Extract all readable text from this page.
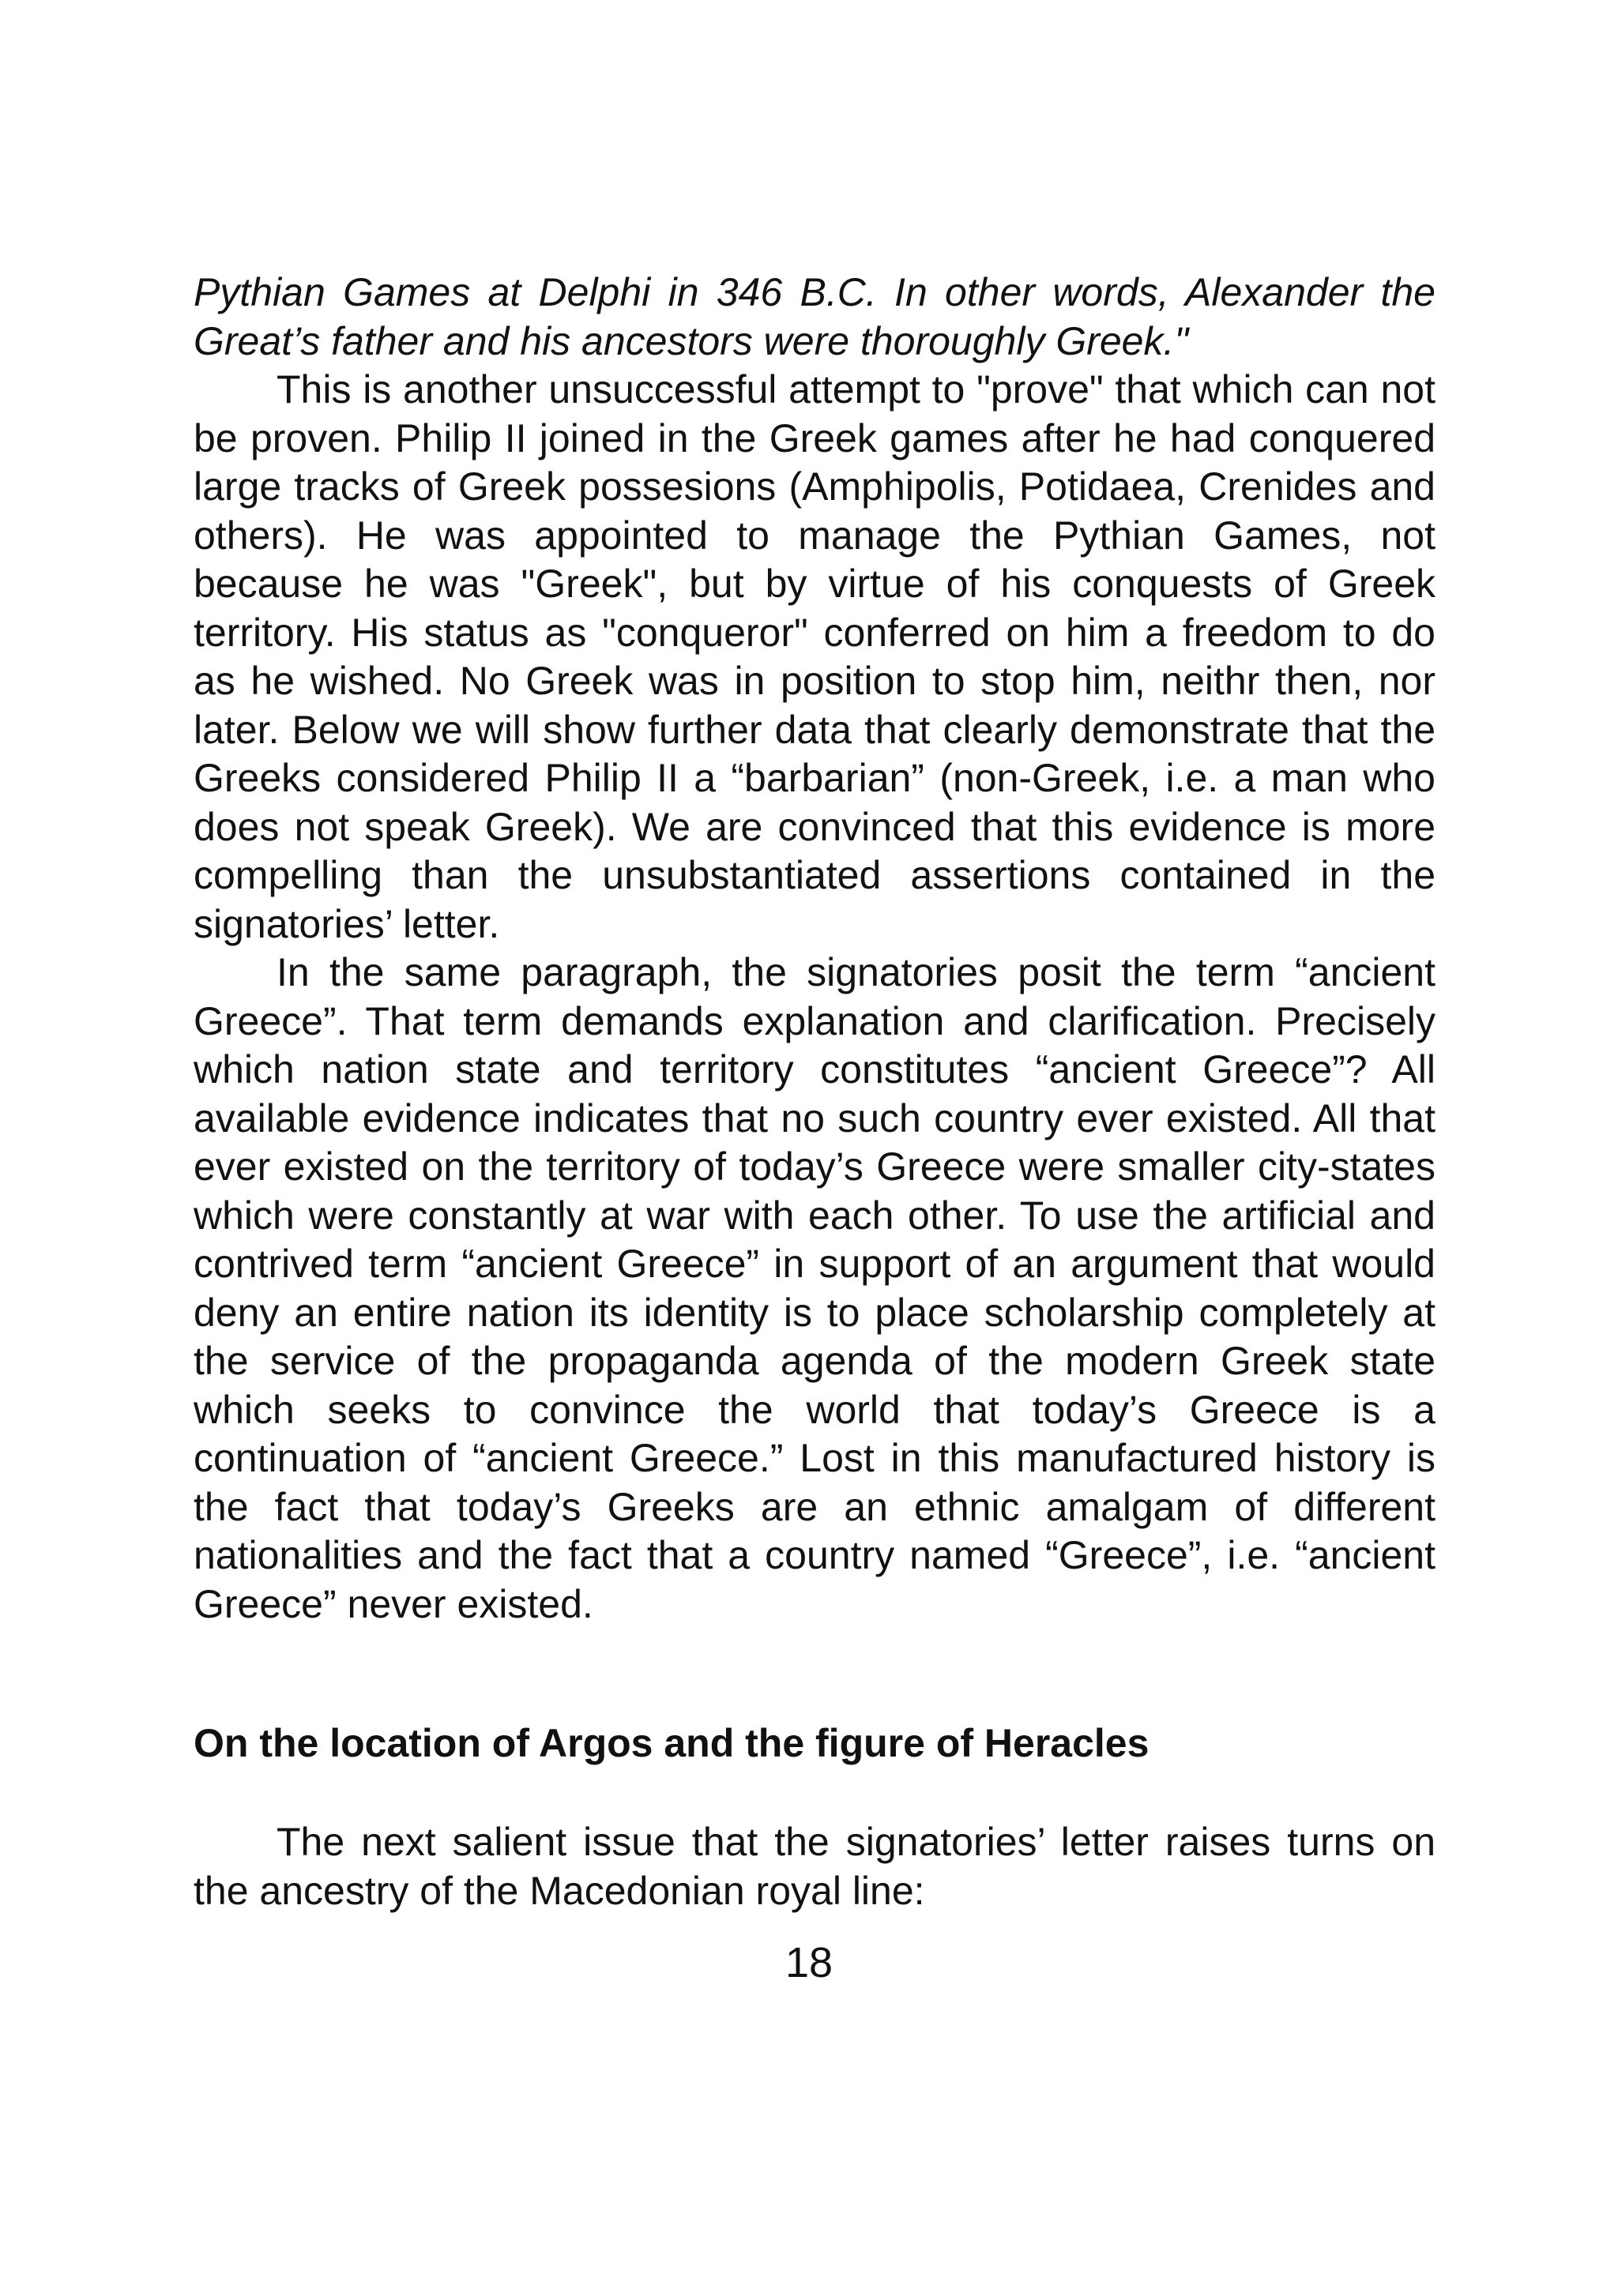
Pythian Games at Delphi in 346 B.C. In other words, Alexander the Great’s father and his ancestors were thoroughly Greek."

This is another unsuccessful attempt to "prove" that which can not be proven. Philip II joined in the Greek games after he had conquered large tracks of Greek possesions (Amphipolis, Potidaea, Crenides and others). He was appointed to manage the Pythian Games, not because he was "Greek", but by virtue of his conquests of Greek territory. His status as "conqueror" conferred on him a freedom to do as he wished. No Greek was in position to stop him, neithr then, nor later. Below we will show further data that clearly demonstrate that the Greeks considered Philip II a “barbarian” (non-Greek, i.e. a man who does not speak Greek). We are convinced that this evidence is more compelling than the unsubstantiated assertions contained in the signatories’ letter.

In the same paragraph, the signatories posit the term “ancient Greece”. That term demands explanation and clarification. Precisely which nation state and territory constitutes “ancient Greece”? All available evidence indicates that no such country ever existed. All that ever existed on the territory of today’s Greece were smaller city-states which were constantly at war with each other. To use the artificial and contrived term “ancient Greece” in support of an argument that would deny an entire nation its identity is to place scholarship completely at the service of the propaganda agenda of the modern Greek state which seeks to convince the world that today’s Greece is a continuation of “ancient Greece.” Lost in this manufactured history is the fact that today’s Greeks are an ethnic amalgam of different nationalities and the fact that a country named “Greece”, i.e. “ancient Greece” never existed.

On the location of Argos and the figure of Heracles

The next salient issue that the signatories’ letter raises turns on the ancestry of the Macedonian royal line:

18
